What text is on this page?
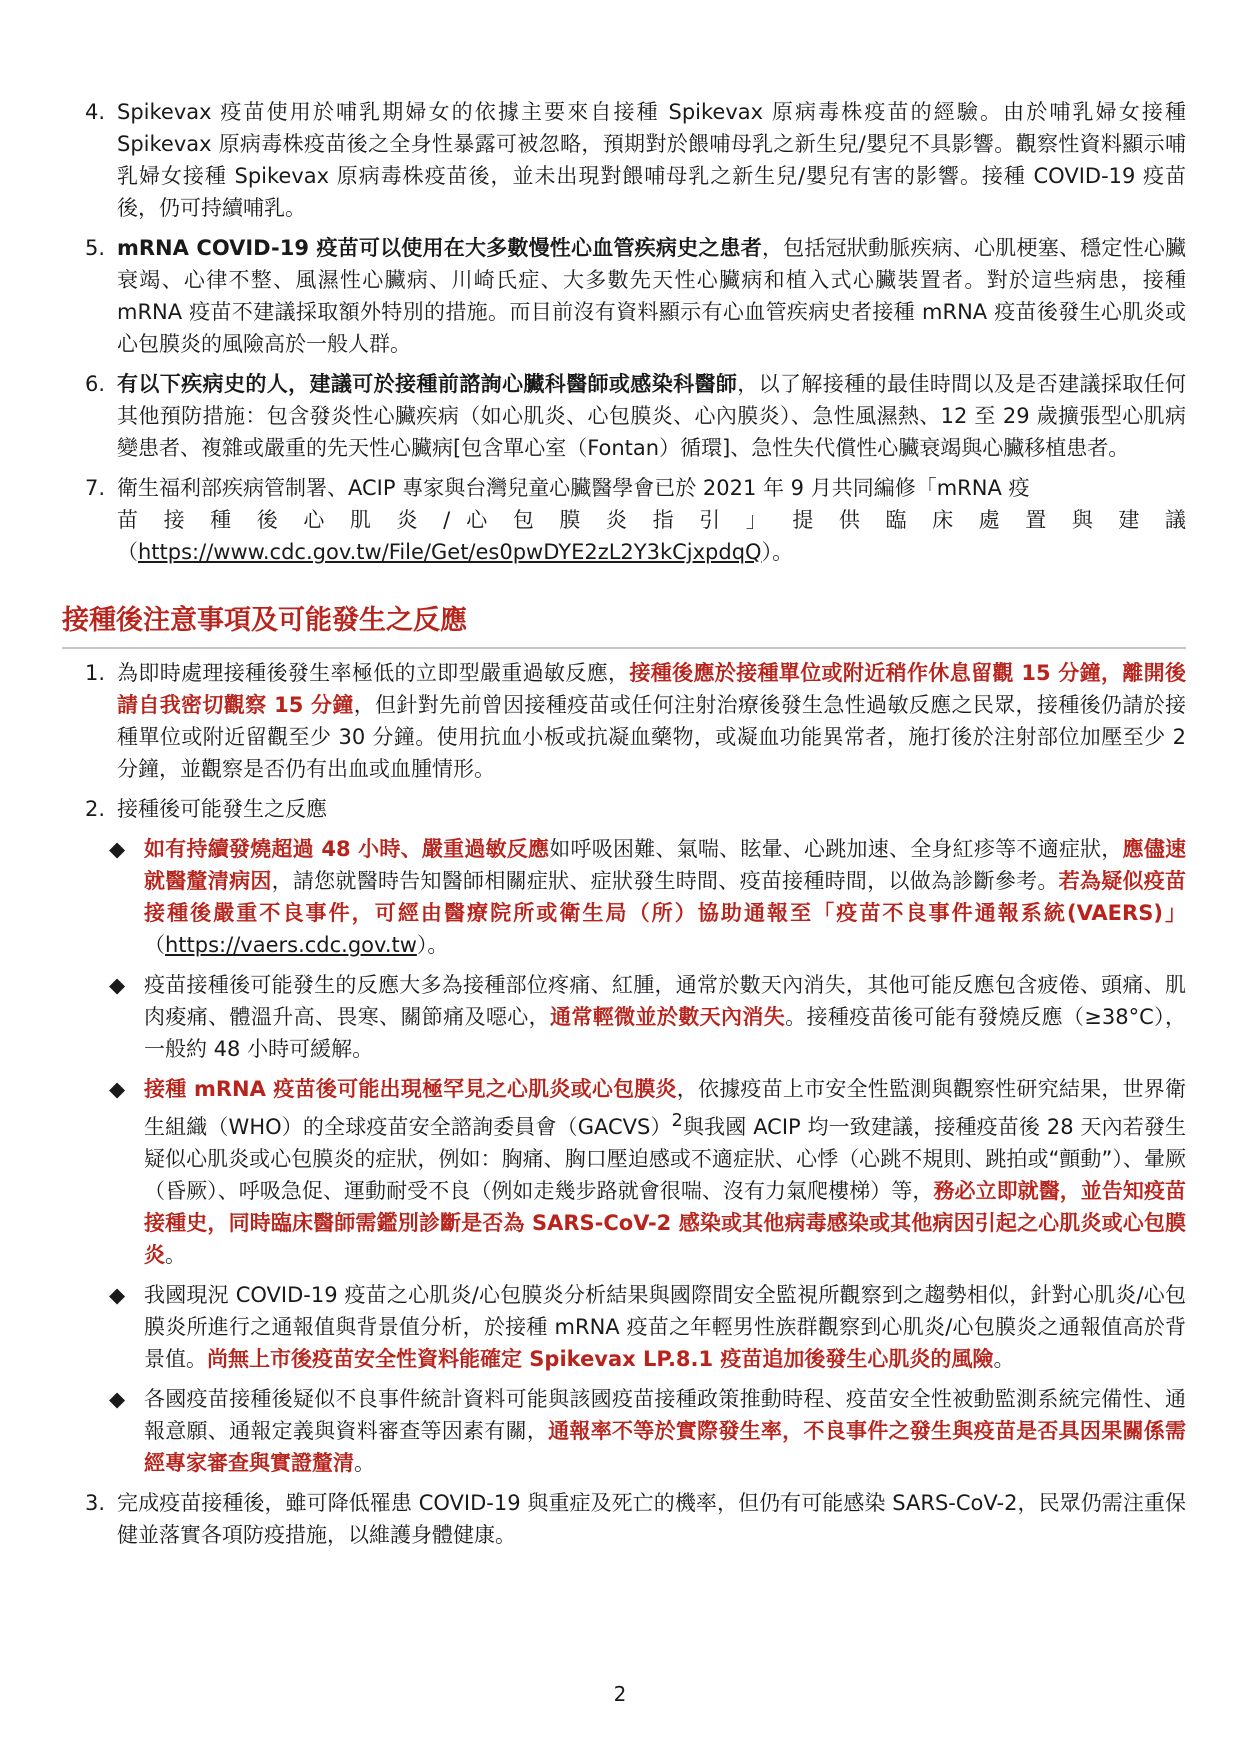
4. Spikevax 疫苗使用於哺乳期婦女的依據主要來自接種 Spikevax 原病毒株疫苗的經驗。由於哺乳婦女接種 Spikevax 原病毒株疫苗後之全身性暴露可被忽略，預期對於餵哺母乳之新生兒/嬰兒不具影響。觀察性資料顯示哺乳婦女接種 Spikevax 原病毒株疫苗後，並未出現對餵哺母乳之新生兒/嬰兒有害的影響。接種 COVID-19 疫苗後，仍可持續哺乳。
5. mRNA COVID-19 疫苗可以使用在大多數慢性心血管疾病史之患者，包括冠狀動脈疾病、心肌梗塞、穩定性心臟衰竭、心律不整、風濕性心臟病、川崎氏症、大多數先天性心臟病和植入式心臟裝置者。對於這些病患，接種 mRNA 疫苗不建議採取額外特別的措施。而目前沒有資料顯示有心血管疾病史者接種 mRNA 疫苗後發生心肌炎或心包膜炎的風險高於一般人群。
6. 有以下疾病史的人，建議可於接種前諮詢心臟科醫師或感染科醫師，以了解接種的最佳時間以及是否建議採取任何其他預防措施：包含發炎性心臟疾病（如心肌炎、心包膜炎、心內膜炎）、急性風濕熱、12 至 29 歲擴張型心肌病變患者、複雜或嚴重的先天性心臟病[包含單心室（Fontan）循環]、急性失代償性心臟衰竭與心臟移植患者。
7. 衛生福利部疾病管制署、ACIP 專家與台灣兒童心臟醫學會已於 2021 年 9 月共同編修「mRNA 疫
苗 接 種 後 心 肌 炎 / 心 包 膜 炎 指 引 」 提 供 臨 床 處 置 與 建 議
（https://www.cdc.gov.tw/File/Get/es0pwDYE2zL2Y3kCjxpdqQ）。
接種後注意事項及可能發生之反應
1. 為即時處理接種後發生率極低的立即型嚴重過敏反應，接種後應於接種單位或附近稍作休息留觀 15 分鐘，離開後請自我密切觀察 15 分鐘，但針對先前曾因接種疫苗或任何注射治療後發生急性過敏反應之民眾，接種後仍請於接種單位或附近留觀至少 30 分鐘。使用抗血小板或抗凝血藥物，或凝血功能異常者，施打後於注射部位加壓至少 2 分鐘，並觀察是否仍有出血或血腫情形。
2. 接種後可能發生之反應
◆ 如有持續發燒超過 48 小時、嚴重過敏反應如呼吸困難、氣喘、眩暈、心跳加速、全身紅疹等不適症狀，應儘速就醫釐清病因，請您就醫時告知醫師相關症狀、症狀發生時間、疫苗接種時間，以做為診斷參考。若為疑似疫苗接種後嚴重不良事件，可經由醫療院所或衛生局（所）協助通報至「疫苗不良事件通報系統(VAERS)」（https://vaers.cdc.gov.tw）。
◆ 疫苗接種後可能發生的反應大多為接種部位疼痛、紅腫，通常於數天內消失，其他可能反應包含疲倦、頭痛、肌肉痠痛、體溫升高、畏寒、關節痛及噁心，通常輕微並於數天內消失。接種疫苗後可能有發燒反應（≥38°C），一般約 48 小時可緩解。
◆ 接種 mRNA 疫苗後可能出現極罕見之心肌炎或心包膜炎，依據疫苗上市安全性監測與觀察性研究結果，世界衛生組織（WHO）的全球疫苗安全諮詢委員會（GACVS）$^2$與我國 ACIP 均一致建議，接種疫苗後 28 天內若發生疑似心肌炎或心包膜炎的症狀，例如：胸痛、胸口壓迫感或不適症狀、心悸（心跳不規則、跳拍或“顫動”）、暈厥（昏厥）、呼吸急促、運動耐受不良（例如走幾步路就會很喘、沒有力氣爬樓梯）等，務必立即就醫，並告知疫苗接種史，同時臨床醫師需鑑別診斷是否為 SARS-CoV-2 感染或其他病毒感染或其他病因引起之心肌炎或心包膜炎。
◆ 我國現況 COVID-19 疫苗之心肌炎/心包膜炎分析結果與國際間安全監視所觀察到之趨勢相似，針對心肌炎/心包膜炎所進行之通報值與背景值分析，於接種 mRNA 疫苗之年輕男性族群觀察到心肌炎/心包膜炎之通報值高於背景值。尚無上市後疫苗安全性資料能確定 Spikevax LP.8.1 疫苗追加後發生心肌炎的風險。
◆ 各國疫苗接種後疑似不良事件統計資料可能與該國疫苗接種政策推動時程、疫苗安全性被動監測系統完備性、通報意願、通報定義與資料審查等因素有關，通報率不等於實際發生率，不良事件之發生與疫苗是否具因果關係需經專家審查與實證釐清。
3. 完成疫苗接種後，雖可降低罹患 COVID-19 與重症及死亡的機率，但仍有可能感染 SARS-CoV-2，民眾仍需注重保健並落實各項防疫措施，以維護身體健康。
2
